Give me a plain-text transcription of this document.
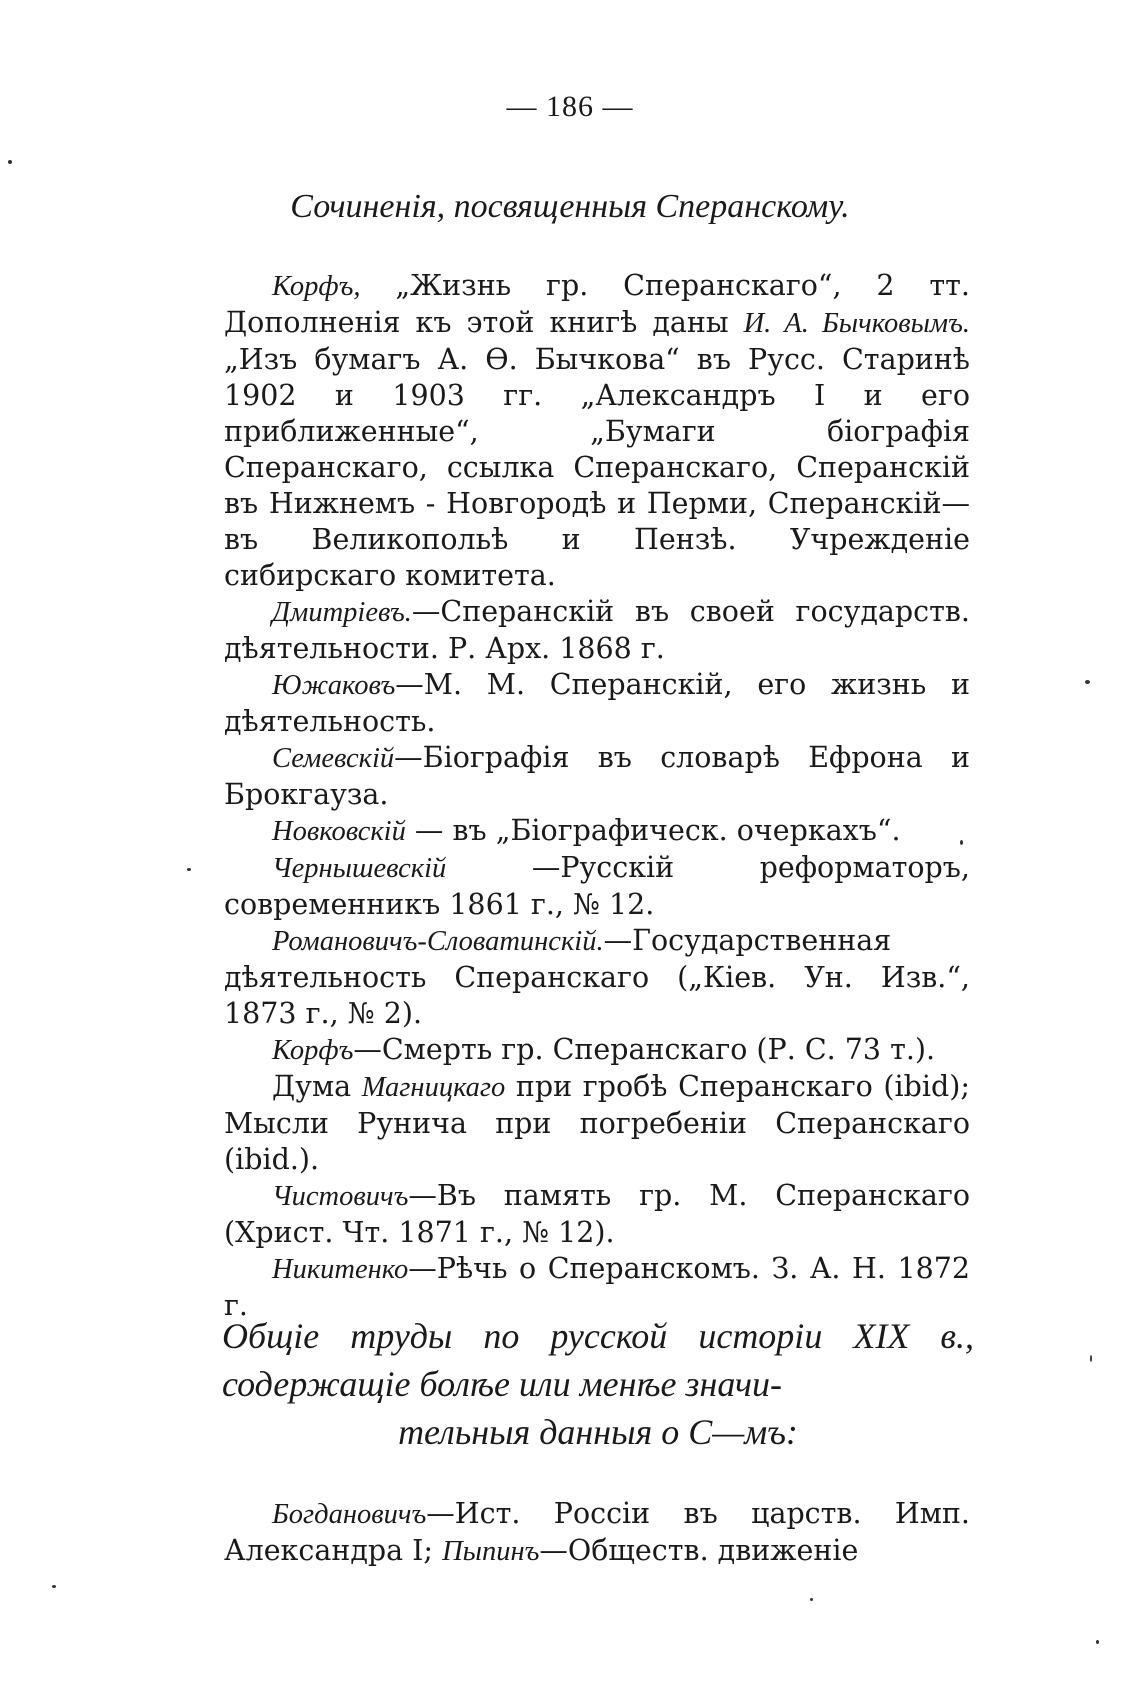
— 186 —
Сочиненія, посвященныя Сперанскому.

Корфъ, „Жизнь гр. Сперанскаго“, 2 тт. Дополненія къ этой книгѣ даны И. А. Бычковымъ. „Изъ бумагъ А. Ѳ. Бычкова“ въ Русс. Старинѣ 1902 и 1903 гг. „Александръ I и его приближенные“, „Бумаги біографія Сперанскаго, ссылка Сперанскаго, Сперанскій въ Нижнемъ - Новгородѣ и Перми, Сперанскій—въ Великопольѣ и Пензѣ. Учрежденіе сибирскаго комитета.

Дмитріевъ.—Сперанскій въ своей государств. дѣятельности. Р. Арх. 1868 г.

Южаковъ—М. М. Сперанскій, его жизнь и дѣятельность.

Семевскій—Біографія въ словарѣ Ефрона и Брокгауза.

Новковскій — въ „Біографическ. очеркахъ“.

Чернышевскій —Русскій реформаторъ, современникъ 1861 г., № 12.

Романовичъ-Словатинскій.—Государственная дѣятельность Сперанскаго („Кіев. Ун. Изв.“, 1873 г., № 2).

Корфъ—Смерть гр. Сперанскаго (Р. С. 73 т.).

Дума Магницкаго при гробѣ Сперанскаго (ibid); Мысли Рунича при погребеніи Сперанскаго (ibid.).

Чистовичъ—Въ память гр. М. Сперанскаго (Христ. Чт. 1871 г., № 12).

Никитенко—Рѣчь о Сперанскомъ. З. А. Н. 1872 г.

Общіе труды по русской исторіи XIX в., содержащіе болѣе или менѣе значи-
тельныя данныя о С—мъ:

Богдановичъ—Ист. Россіи въ царств. Имп. Александра I; Пыпинъ—Обществ. движеніе
